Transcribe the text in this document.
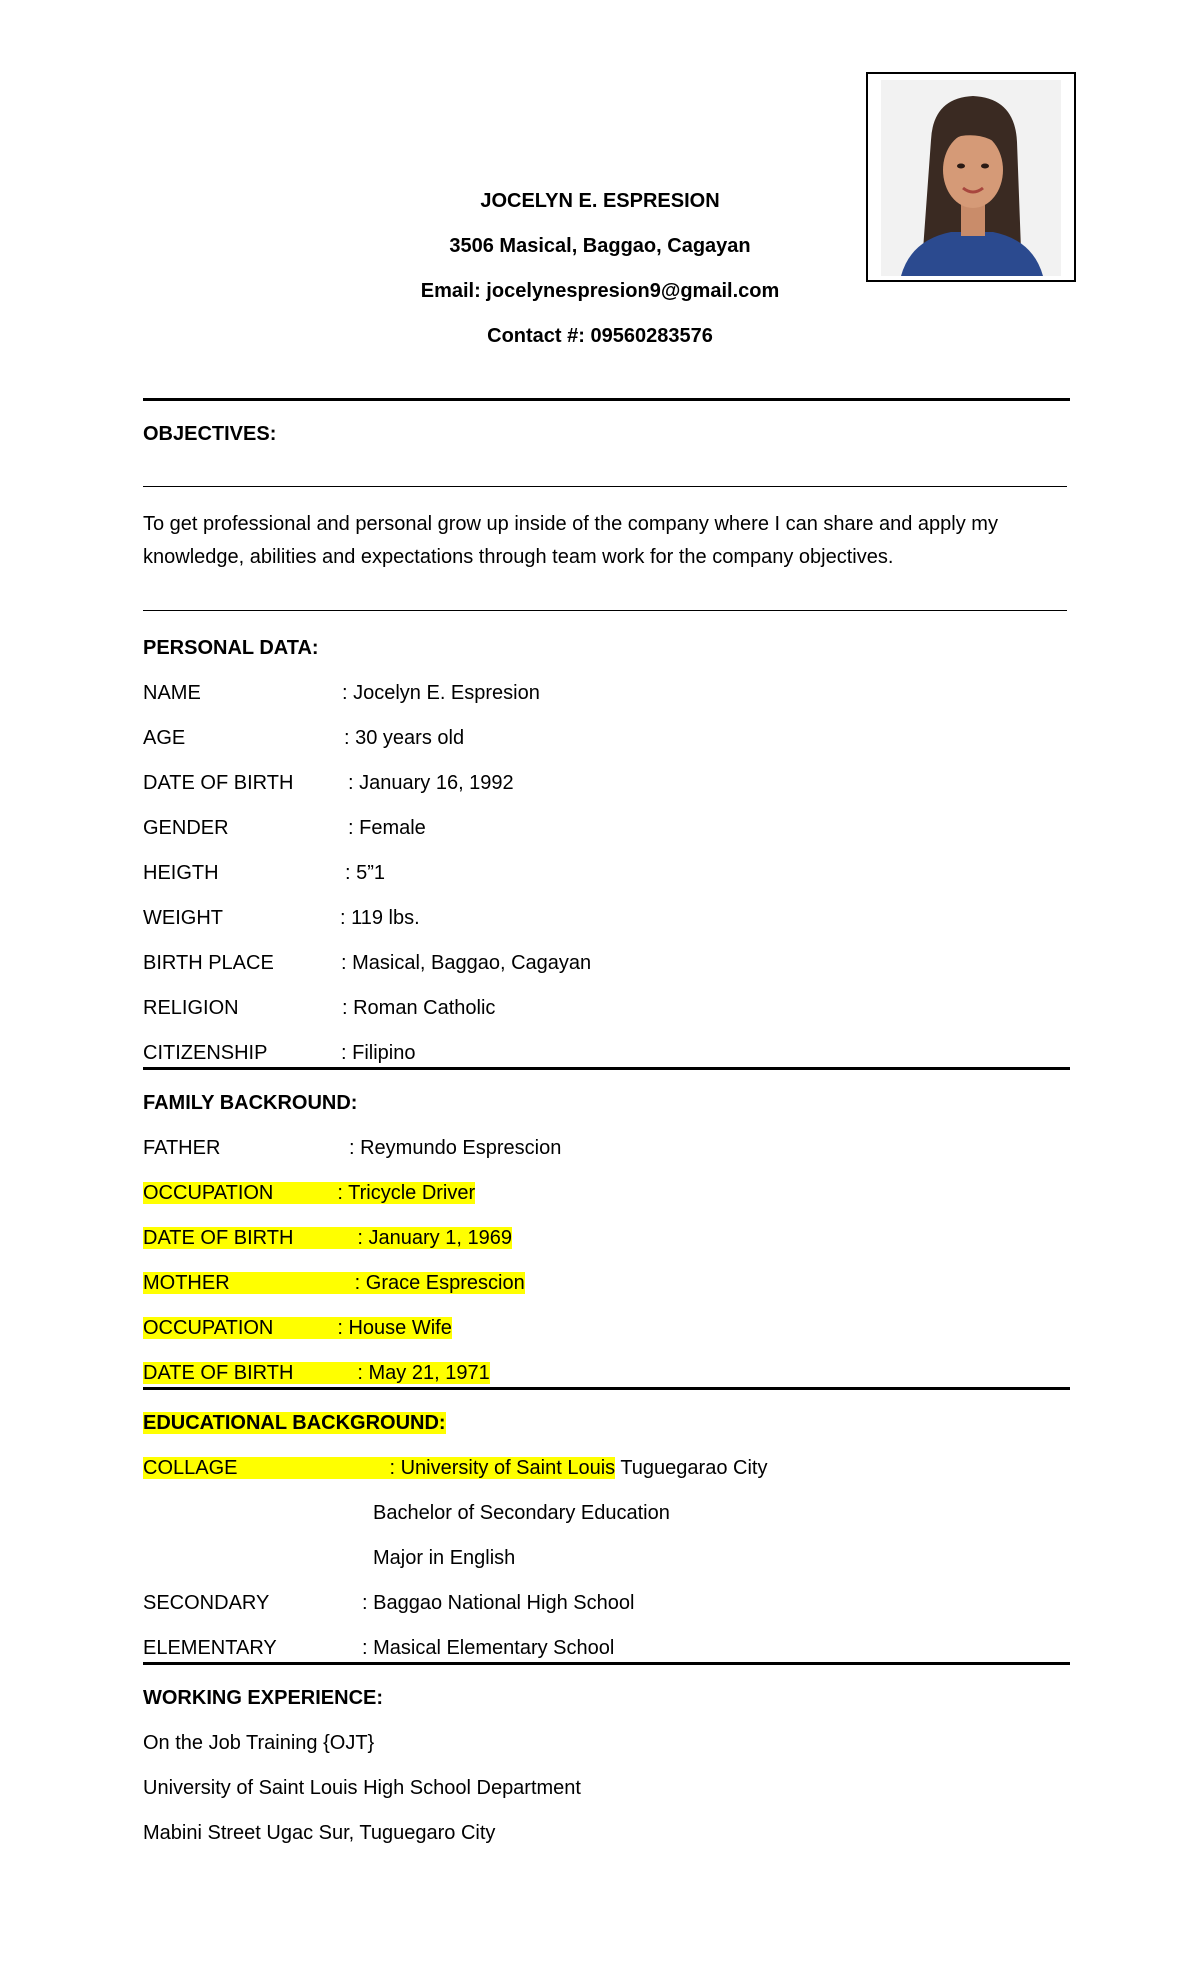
JOCELYN E. ESPRESION
3506 Masical, Baggao, Cagayan
Email: jocelynespresion9@gmail.com
Contact #: 09560283576
OBJECTIVES:
To get professional and personal grow up inside of the company where I can share and apply my
knowledge, abilities and expectations through team work for the company objectives.
PERSONAL DATA:
NAME	: Jocelyn E. Espresion
AGE	: 30 years old
DATE OF BIRTH	: January 16, 1992
GENDER	: Female
HEIGTH	: 5”1
WEIGHT	: 119 lbs.
BIRTH PLACE	: Masical, Baggao, Cagayan
RELIGION	: Roman Catholic
CITIZENSHIP	: Filipino
FAMILY BACKROUND:
FATHER	: Reymundo Esprescion
OCCUPATION	: Tricycle Driver
DATE OF BIRTH	: January 1, 1969
MOTHER	: Grace Esprescion
OCCUPATION	: House Wife
DATE OF BIRTH	: May 21, 1971
EDUCATIONAL BACKGROUND:
COLLAGE	: University of Saint Louis Tuguegarao City
Bachelor of Secondary Education
Major in English
SECONDARY	: Baggao National High School
ELEMENTARY	: Masical Elementary School
WORKING EXPERIENCE:
On the Job Training {OJT}
University of Saint Louis High School Department
Mabini Street Ugac Sur, Tuguegaro City
